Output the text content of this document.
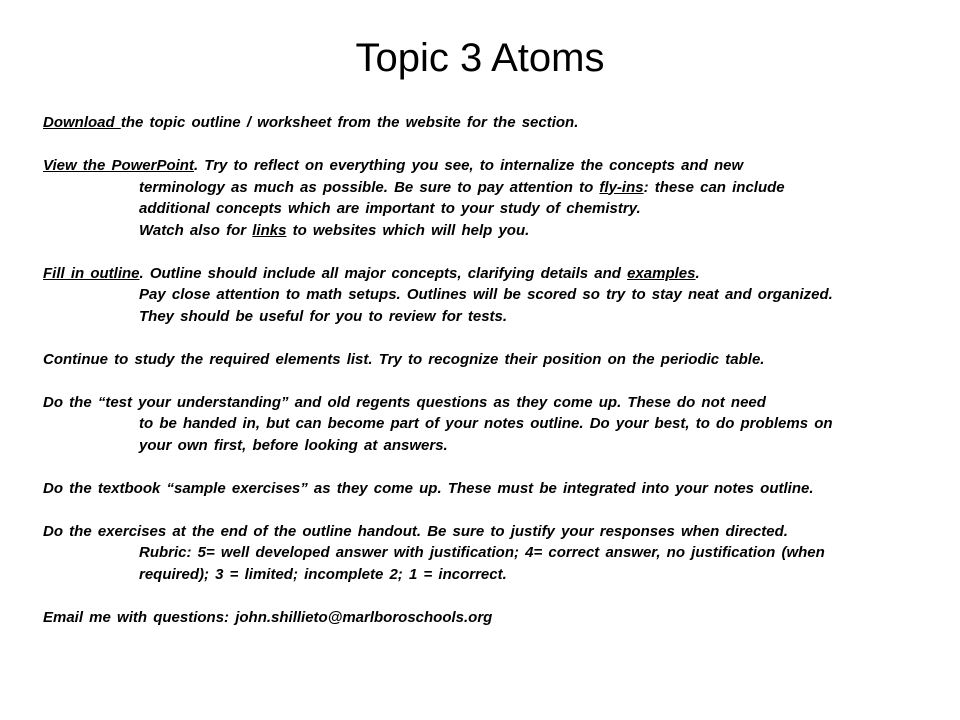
Topic 3 Atoms
Download the topic outline / worksheet from the website for the section.
View the PowerPoint. Try to reflect on everything you see, to internalize the concepts and new
terminology as much as possible. Be sure to pay attention to fly-ins: these can include
additional concepts which are important to your study of chemistry.
Watch also for links to websites which will help you.
Fill in outline. Outline should include all major concepts, clarifying details and examples.
Pay close attention to math setups. Outlines will be scored so try to stay neat and organized.
They should be useful for you to review for tests.
Continue to study the required elements list. Try to recognize their position on the periodic table.
Do the “test your understanding” and old regents questions as they come up. These do not need
to be handed in, but can become part of your notes outline. Do your best, to do problems on
your own first, before looking at answers.
Do the textbook “sample exercises” as they come up. These must be integrated into your notes outline.
Do the exercises at the end of the outline handout. Be sure to justify your responses when directed.
Rubric: 5= well developed answer with justification; 4= correct answer, no justification (when
required); 3 = limited; incomplete 2; 1 = incorrect.
Email me with questions: john.shillieto@marlboroschools.org
